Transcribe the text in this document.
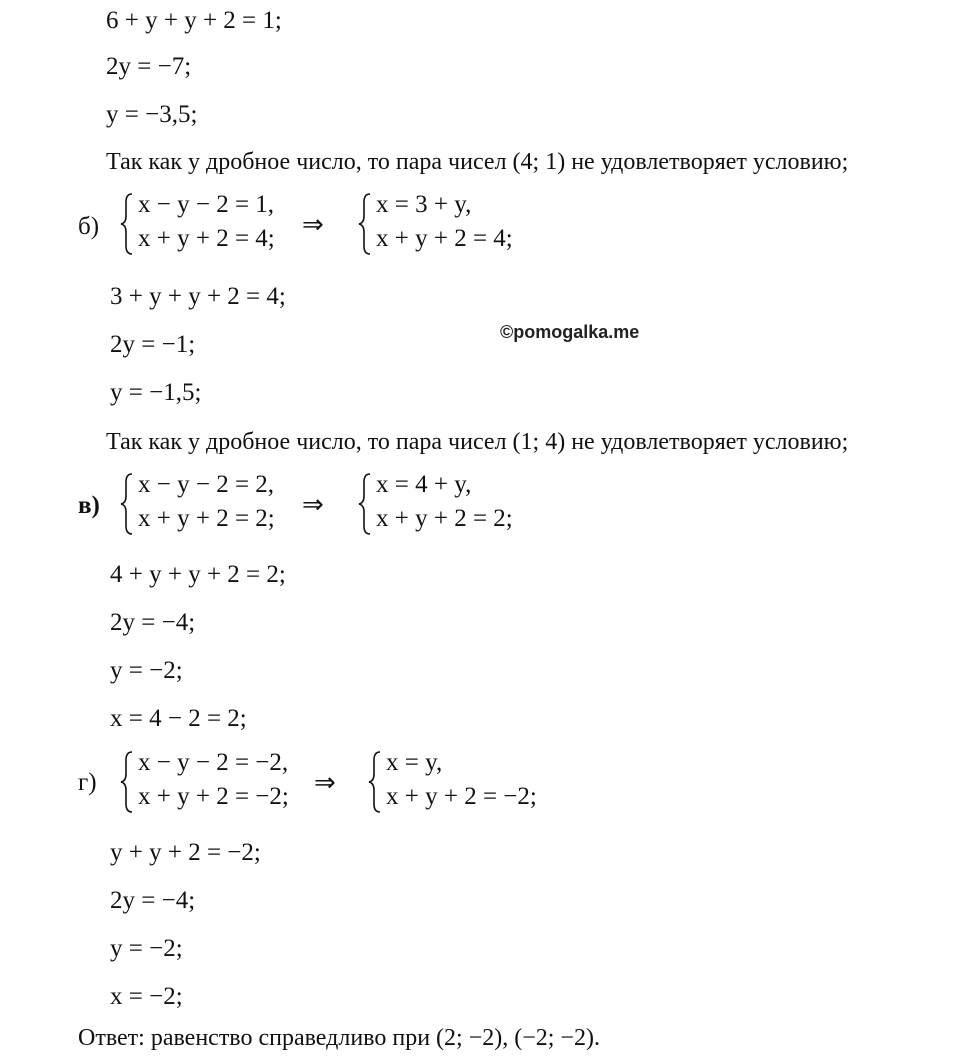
6 + y + y + 2 = 1;
2y = −7;
y = −3,5;
Так как y дробное число, то пара чисел (4; 1) не удовлетворяет условию;
б)
x − y − 2 = 1,
x + y + 2 = 4; ⇒
x = 3 + y,
x + y + 2 = 4;
3 + y + y + 2 = 4;
©pomogalka.me
2y = −1;
y = −1,5;
Так как y дробное число, то пара чисел (1; 4) не удовлетворяет условию;
в)
x − y − 2 = 2,
x + y + 2 = 2; ⇒
x = 4 + y,
x + y + 2 = 2;
4 + y + y + 2 = 2;
2y = −4;
y = −2;
x = 4 − 2 = 2;
г)
x − y − 2 = −2,
x + y + 2 = −2; ⇒
x = y,
x + y + 2 = −2;
y + y + 2 = −2;
2y = −4;
y = −2;
x = −2;
Ответ: равенство справедливо при (2; −2), (−2; −2).
